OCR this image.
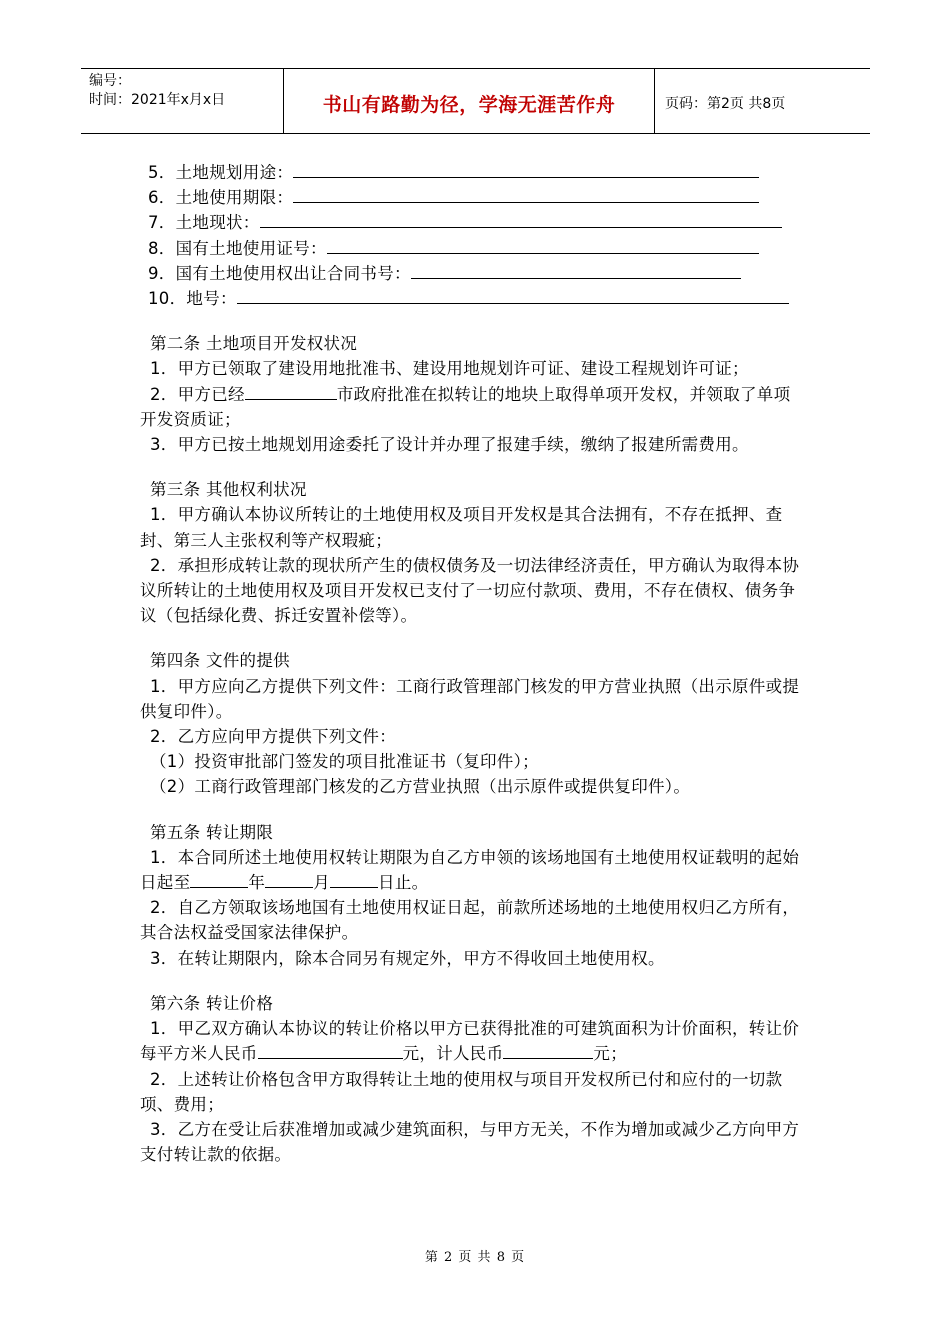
编号：
时间：2021年x月x日	书山有路勤为径，学海无涯苦作舟	页码：第2页 共8页
5．土地规划用途：
6．土地使用期限：
7．土地现状：
8．国有土地使用证号：
9．国有土地使用权出让合同书号：
10．地号：
第二条 土地项目开发权状况
1．甲方已领取了建设用地批准书、建设用地规划许可证、建设工程规划许可证；
2．甲方已经	市政府批准在拟转让的地块上取得单项开发权，并领取了单项开发资质证；
3．甲方已按土地规划用途委托了设计并办理了报建手续，缴纳了报建所需费用。
第三条 其他权利状况
1．甲方确认本协议所转让的土地使用权及项目开发权是其合法拥有，不存在抵押、查封、第三人主张权利等产权瑕疵；
2．承担形成转让款的现状所产生的债权债务及一切法律经济责任，甲方确认为取得本协议所转让的土地使用权及项目开发权已支付了一切应付款项、费用，不存在债权、债务争议（包括绿化费、拆迁安置补偿等）。
第四条 文件的提供
1．甲方应向乙方提供下列文件：工商行政管理部门核发的甲方营业执照（出示原件或提供复印件）。
2．乙方应向甲方提供下列文件：
（1）投资审批部门签发的项目批准证书（复印件）；
（2）工商行政管理部门核发的乙方营业执照（出示原件或提供复印件）。
第五条 转让期限
1．本合同所述土地使用权转让期限为自乙方申领的该场地国有土地使用权证载明的起始日起至	年	月	日止。
2．自乙方领取该场地国有土地使用权证日起，前款所述场地的土地使用权归乙方所有，其合法权益受国家法律保护。
3．在转让期限内，除本合同另有规定外，甲方不得收回土地使用权。
第六条 转让价格
1．甲乙双方确认本协议的转让价格以甲方已获得批准的可建筑面积为计价面积，转让价每平方米人民币	元，计人民币	元；
2．上述转让价格包含甲方取得转让土地的使用权与项目开发权所已付和应付的一切款项、费用；
3．乙方在受让后获准增加或减少建筑面积，与甲方无关，不作为增加或减少乙方向甲方支付转让款的依据。
第 2 页 共 8 页
